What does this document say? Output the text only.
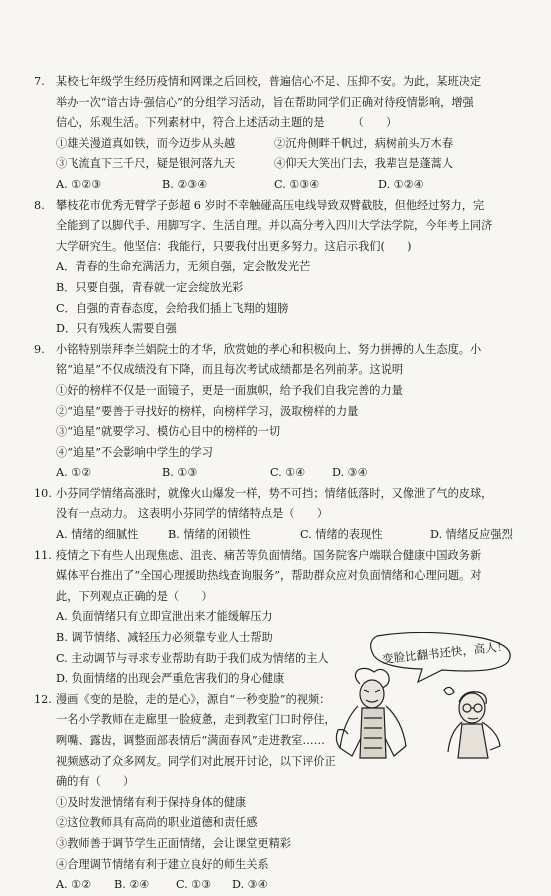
7. 某校七年级学生经历疫情和网课之后回校，普遍信心不足、压抑不安。为此，某班决定
举办一次“谙古诗·强信心”的分组学习活动，旨在帮助同学们正确对待疫情影响，增强
信心，乐观生活。下列素材中，符合上述活动主题的是　　　（　　）
①雄关漫道真如铁，而今迈步从头越	②沉舟侧畔千帆过，病树前头万木春
③飞流直下三千尺，疑是银河落九天	④仰天大笑出门去，我辈岂是蓬蒿人
A. ①②③	B. ②③④	C. ①③④	D. ①②④
8. 攀枝花市优秀无臂学子彭超 6 岁时不幸触碰高压电线导致双臂截肢，但他经过努力，完
全能到了以脚代手、用脚写字、生活自理。并以高分考入四川大学法学院，今年考上同济
大学研究生。他坚信：我能行，只要我付出更多努力。这启示我们(　　)
A．青春的生命充满活力，无须自强，定会散发光芒
B．只要自强，青春就一定会绽放光彩
C．自强的青春态度，会给我们插上飞翔的翅膀
D．只有残疾人需要自强
9. 小铭特别崇拜李兰娟院士的才华，欣赏她的孝心和积极向上、努力拼搏的人生态度。小
铭“追星”不仅成绩没有下降，而且每次考试成绩都是名列前茅。这说明
①好的榜样不仅是一面镜子，更是一面旗帜，给予我们自我完善的力量
②“追星”要善于寻找好的榜样，向榜样学习，汲取榜样的力量
③“追星”就要学习、模仿心目中的榜样的一切
④“追星”不会影响中学生的学习
A. ①②	B. ①③	C. ①④	D. ③④
10. 小芬同学情绪高涨时，就像火山爆发一样，势不可挡；情绪低落时，又像泄了气的皮球，
没有一点动力。 这表明小芬同学的情绪特点是（　　）
A. 情绪的细腻性	B. 情绪的闭锁性	C. 情绪的表现性	D. 情绪反应强烈
11. 疫情之下有些人出现焦虑、沮丧、痛苦等负面情绪。国务院客户端联合健康中国政务新
媒体平台推出了“全国心理援助热线查询服务”，帮助群众应对负面情绪和心理问题。对
此，下列观点正确的是（　　）
A. 负面情绪只有立即宣泄出来才能缓解压力
B. 调节情绪、减轻压力必须靠专业人士帮助
C. 主动调节与寻求专业帮助有助于我们成为情绪的主人
D. 负面情绪的出现会严重危害我们的身心健康
12. 漫画《变的是脸，走的是心》，源自“一秒变脸”的视频：
一名小学教师在走廊里一脸疲惫，走到教室门口时停住，
咧嘴、露齿，调整面部表情后“满面春风”走进教室……
视频感动了众多网友。同学们对此展开讨论，以下评价正
确的有（　　）
①及时发泄情绪有利于保持身体的健康
②这位教师具有高尚的职业道德和责任感
③教师善于调节学生正面情绪，会让课堂更精彩
④合理调节情绪有利于建立良好的师生关系
A. ①②	B. ②④	C. ①③	D. ③④
变脸比翻书还快，高人！
